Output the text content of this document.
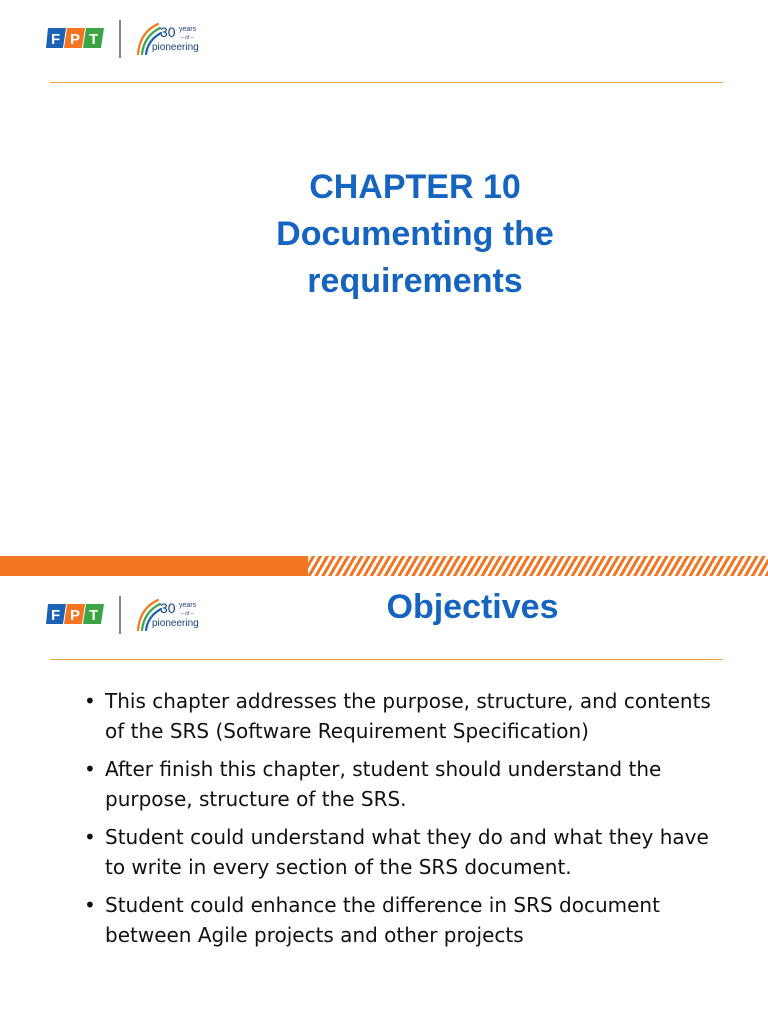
F P T	30 years
– of –
pioneering
CHAPTER 10
Documenting the
requirements
F P T	30 years
– of –
pioneering	Objectives
• This chapter addresses the purpose, structure, and contents of the SRS (Software Requirement Specification)
• After finish this chapter, student should understand the purpose, structure of the SRS.
• Student could understand what they do and what they have to write in every section of the SRS document.
• Student could enhance the difference in SRS document between Agile projects and other projects
